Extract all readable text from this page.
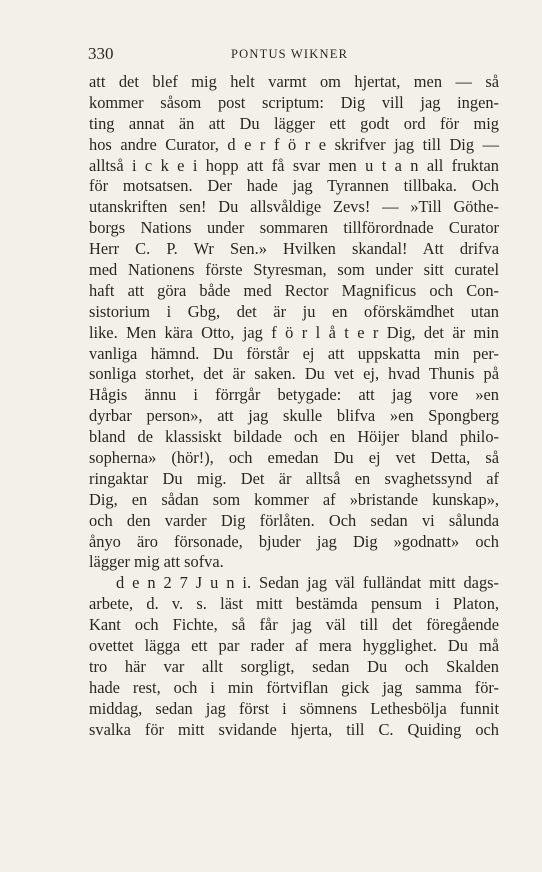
330	PONTUS WIKNER
att det blef mig helt varmt om hjertat, men — så
kommer såsom post scriptum: Dig vill jag ingen-
ting annat än att Du lägger ett godt ord för mig
hos andre Curator, d e r f ö r e skrifver jag till Dig —
alltså i c k e i hopp att få svar men u t a n all fruktan
för motsatsen. Der hade jag Tyrannen tillbaka. Och
utanskriften sen! Du allsvåldige Zevs! — »Till Göthe-
borgs Nations under sommaren tillförordnade Curator
Herr C. P. Wr Sen.» Hvilken skandal! Att drifva
med Nationens förste Styresman, som under sitt curatel
haft att göra både med Rector Magnificus och Con-
sistorium i Gbg, det är ju en oförskämdhet utan
like. Men kära Otto, jag f ö r l å t e r Dig, det är min
vanliga hämnd. Du förstår ej att uppskatta min per-
sonliga storhet, det är saken. Du vet ej, hvad Thunis på
Hågis ännu i förrgår betygade: att jag vore »en
dyrbar person», att jag skulle blifva »en Spongberg
bland de klassiskt bildade och en Höijer bland philo-
sopherna» (hör!), och emedan Du ej vet Detta, så
ringaktar Du mig. Det är alltså en svaghetssynd af
Dig, en sådan som kommer af »bristande kunskap»,
och den varder Dig förlåten. Och sedan vi sålunda
ånyo äro försonade, bjuder jag Dig »godnatt» och
lägger mig att sofva.
d e n 2 7 J u n i. Sedan jag väl fulländat mitt dags-
arbete, d. v. s. läst mitt bestämda pensum i Platon,
Kant och Fichte, så får jag väl till det föregående
ovettet lägga ett par rader af mera hygglighet. Du må
tro här var allt sorgligt, sedan Du och Skalden
hade rest, och i min förtviflan gick jag samma för-
middag, sedan jag först i sömnens Lethesbölja funnit
svalka för mitt svidande hjerta, till C. Quiding och
